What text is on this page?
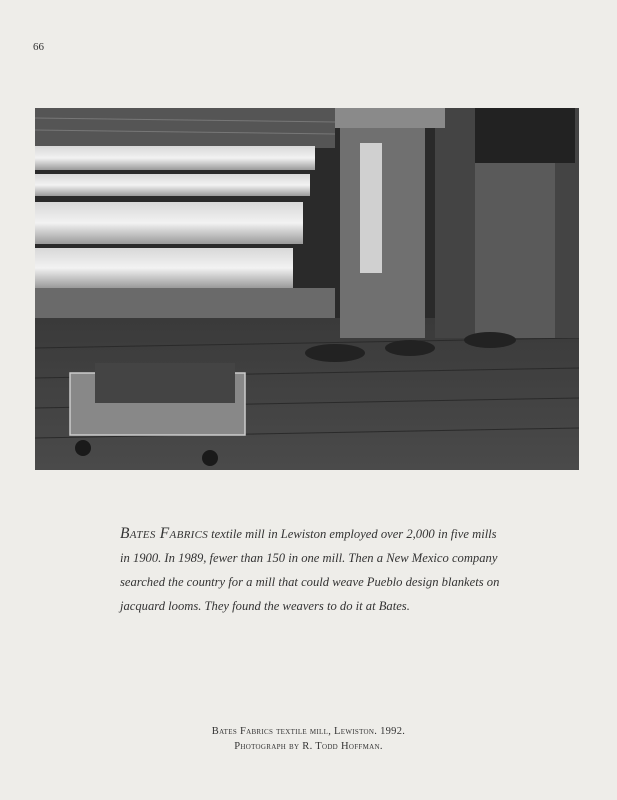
66
Bates Fabrics textile mill in Lewiston employed over 2,000 in five mills in 1900. In 1989, fewer than 150 in one mill. Then a New Mexico company searched the country for a mill that could weave Pueblo design blankets on jacquard looms. They found the weavers to do it at Bates.
Bates Fabrics textile mill, Lewiston. 1992.
Photograph by R. Todd Hoffman.
